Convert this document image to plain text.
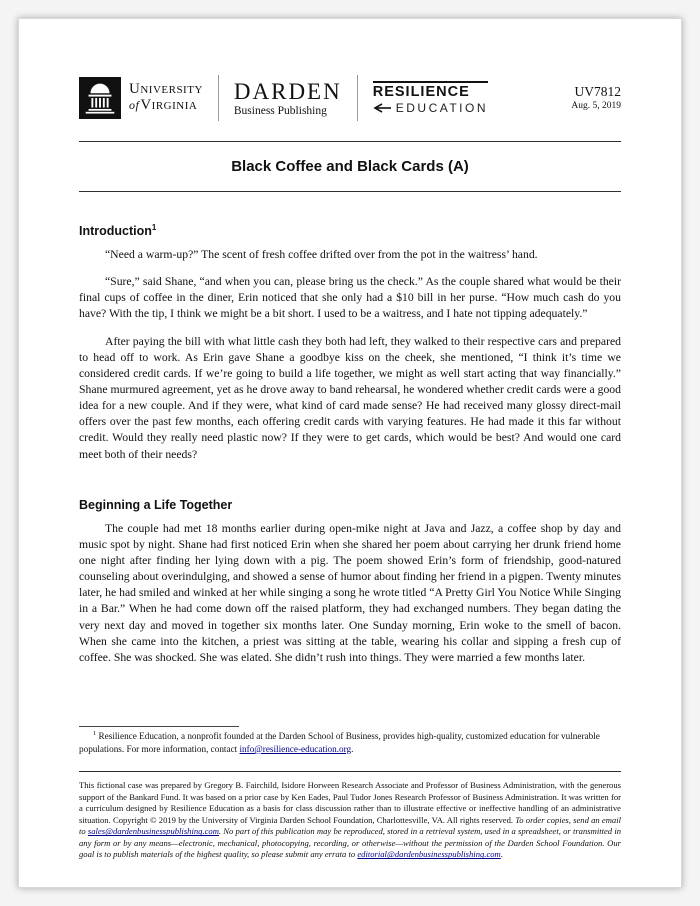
University
ofVirginia
DARDEN
Business Publishing
RESILIENCE
EDUCATION
UV7812
Aug. 5, 2019
Black Coffee and Black Cards (A)
Introduction$^1$

“Need a warm-up?” The scent of fresh coffee drifted over from the pot in the waitress’ hand.

“Sure,” said Shane, “and when you can, please bring us the check.” As the couple shared what would be their final cups of coffee in the diner, Erin noticed that she only had a $10 bill in her purse. “How much cash do you have? With the tip, I think we might be a bit short. I used to be a waitress, and I hate not tipping adequately.”

After paying the bill with what little cash they both had left, they walked to their respective cars and prepared to head off to work. As Erin gave Shane a goodbye kiss on the cheek, she mentioned, “I think it’s time we considered credit cards. If we’re going to build a life together, we might as well start acting that way financially.” Shane murmured agreement, yet as he drove away to band rehearsal, he wondered whether credit cards were a good idea for a new couple. And if they were, what kind of card made sense? He had received many glossy direct-mail offers over the past few months, each offering credit cards with varying features. He had made it this far without credit. Would they really need plastic now? If they were to get cards, which would be best? And would one card meet both of their needs?

Beginning a Life Together

The couple had met 18 months earlier during open-mike night at Java and Jazz, a coffee shop by day and music spot by night. Shane had first noticed Erin when she shared her poem about carrying her drunk friend home one night after finding her lying down with a pig. The poem showed Erin’s form of friendship, good-natured counseling about overindulging, and showed a sense of humor about finding her friend in a pigpen. Twenty minutes later, he had smiled and winked at her while singing a song he wrote titled “A Pretty Girl You Notice While Singing in a Bar.” When he had come down off the raised platform, they had exchanged numbers. They began dating the very next day and moved in together six months later. One Sunday morning, Erin woke to the smell of bacon. When she came into the kitchen, a priest was sitting at the table, wearing his collar and sipping a fresh cup of coffee. She was shocked. She was elated. She didn’t rush into things. They were married a few months later.

$^1$ Resilience Education, a nonprofit founded at the Darden School of Business, provides high-quality, customized education for vulnerable populations. For more information, contact info@resilience-education.org.

This fictional case was prepared by Gregory B. Fairchild, Isidore Horween Research Associate and Professor of Business Administration, with the generous support of the Bankard Fund. It was based on a prior case by Ken Eades, Paul Tudor Jones Research Professor of Business Administration. It was written for a curriculum designed by Resilience Education as a basis for class discussion rather than to illustrate effective or ineffective handling of an administrative situation. Copyright © 2019 by the University of Virginia Darden School Foundation, Charlottesville, VA. All rights reserved. To order copies, send an email to sales@dardenbusinesspublishing.com. No part of this publication may be reproduced, stored in a retrieval system, used in a spreadsheet, or transmitted in any form or by any means—electronic, mechanical, photocopying, recording, or otherwise—without the permission of the Darden School Foundation. Our goal is to publish materials of the highest quality, so please submit any errata to editorial@dardenbusinesspublishing.com.
